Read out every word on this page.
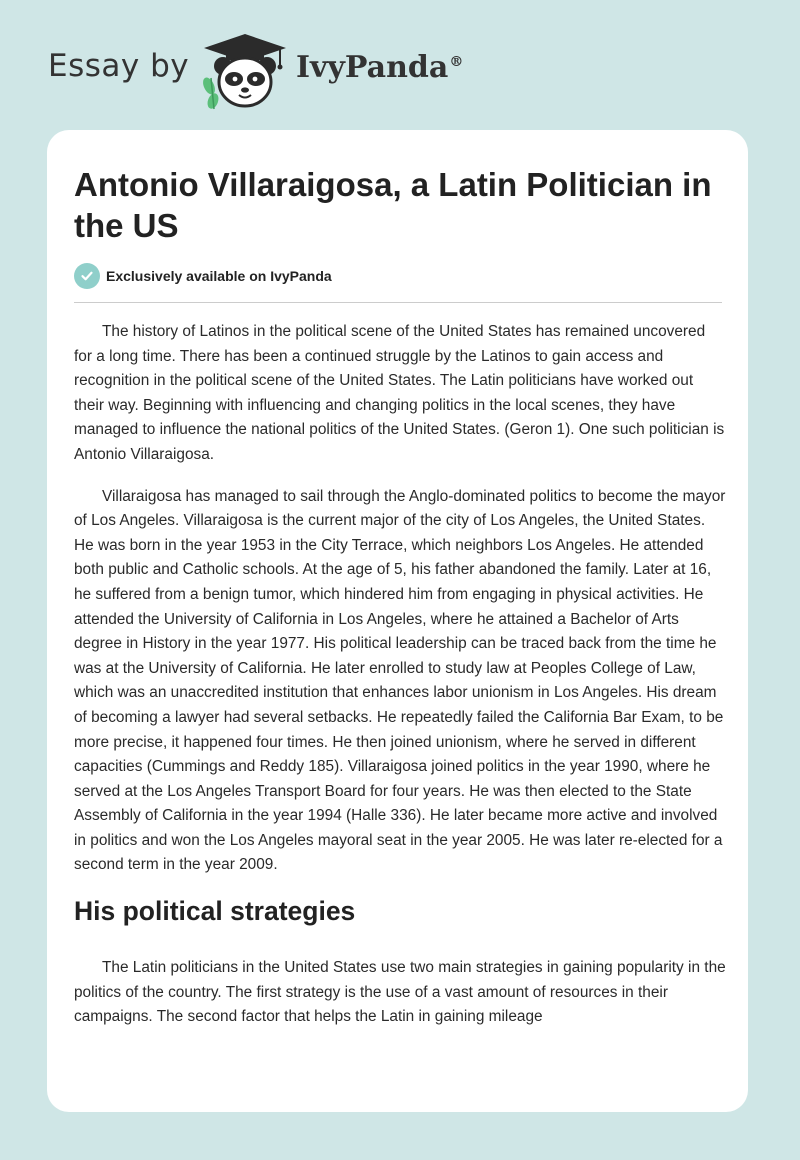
Essay by	IvyPanda®
Antonio Villaraigosa, a Latin Politician in the US
Exclusively available on IvyPanda

The history of Latinos in the political scene of the United States has remained uncovered for a long time. There has been a continued struggle by the Latinos to gain access and recognition in the political scene of the United States. The Latin politicians have worked out their way. Beginning with influencing and changing politics in the local scenes, they have managed to influence the national politics of the United States. (Geron 1). One such politician is Antonio Villaraigosa.

Villaraigosa has managed to sail through the Anglo-dominated politics to become the mayor of Los Angeles. Villaraigosa is the current major of the city of Los Angeles, the United States. He was born in the year 1953 in the City Terrace, which neighbors Los Angeles. He attended both public and Catholic schools. At the age of 5, his father abandoned the family. Later at 16, he suffered from a benign tumor, which hindered him from engaging in physical activities. He attended the University of California in Los Angeles, where he attained a Bachelor of Arts degree in History in the year 1977. His political leadership can be traced back from the time he was at the University of California. He later enrolled to study law at Peoples College of Law, which was an unaccredited institution that enhances labor unionism in Los Angeles. His dream of becoming a lawyer had several setbacks. He repeatedly failed the California Bar Exam, to be more precise, it happened four times. He then joined unionism, where he served in different capacities (Cummings and Reddy 185). Villaraigosa joined politics in the year 1990, where he served at the Los Angeles Transport Board for four years. He was then elected to the State Assembly of California in the year 1994 (Halle 336). He later became more active and involved in politics and won the Los Angeles mayoral seat in the year 2005. He was later re-elected for a second term in the year 2009.

His political strategies

The Latin politicians in the United States use two main strategies in gaining popularity in the politics of the country. The first strategy is the use of a vast amount of resources in their campaigns. The second factor that helps the Latin in gaining mileage
